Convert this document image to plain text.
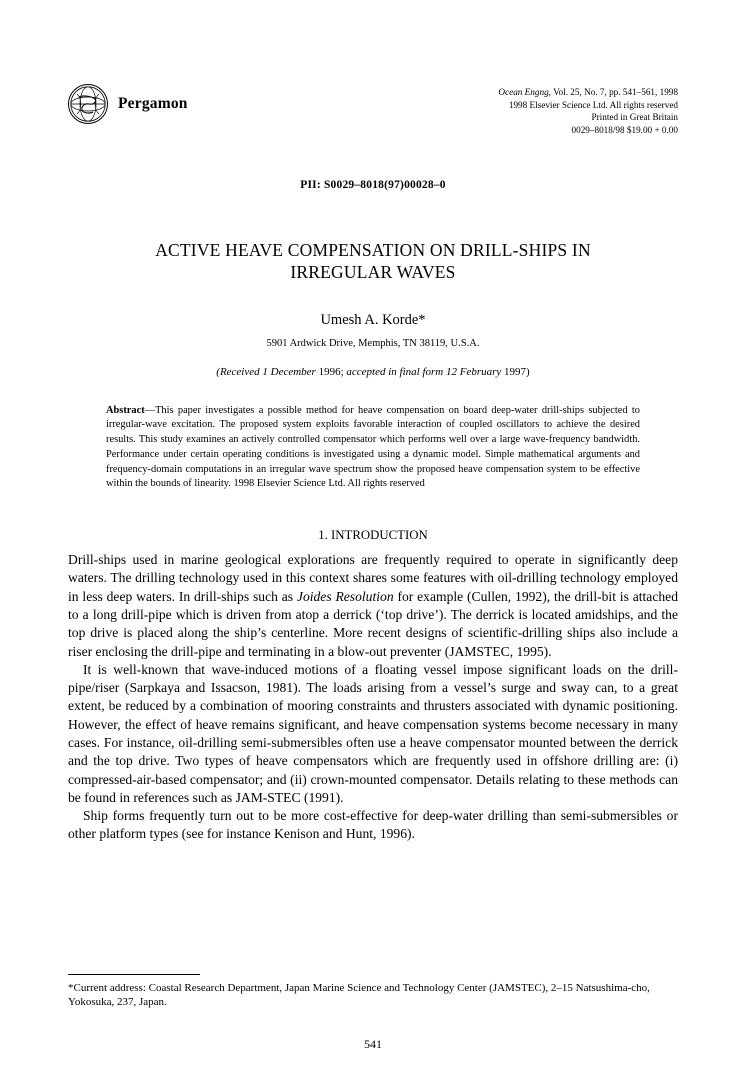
Pergamon
Ocean Engng, Vol. 25, No. 7, pp. 541–561, 1998
1998 Elsevier Science Ltd. All rights reserved
Printed in Great Britain
0029–8018/98 $19.00 + 0.00
PII: S0029–8018(97)00028–0
ACTIVE HEAVE COMPENSATION ON DRILL-SHIPS IN
IRREGULAR WAVES
Umesh A. Korde*
5901 Ardwick Drive, Memphis, TN 38119, U.S.A.
(Received 1 December 1996; accepted in final form 12 February 1997)
Abstract—This paper investigates a possible method for heave compensation on board deep-water drill-ships subjected to irregular-wave excitation. The proposed system exploits favorable interaction of coupled oscillators to achieve the desired results. This study examines an actively controlled compensator which performs well over a large wave-frequency bandwidth. Performance under certain operating conditions is investigated using a dynamic model. Simple mathematical arguments and frequency-domain computations in an irregular wave spectrum show the proposed heave compensation system to be effective within the bounds of linearity. 1998 Elsevier Science Ltd. All rights reserved
1. INTRODUCTION

Drill-ships used in marine geological explorations are frequently required to operate in significantly deep waters. The drilling technology used in this context shares some features with oil-drilling technology employed in less deep waters. In drill-ships such as Joides Resolution for example (Cullen, 1992), the drill-bit is attached to a long drill-pipe which is driven from atop a derrick (‘top drive’). The derrick is located amidships, and the top drive is placed along the ship’s centerline. More recent designs of scientific-drilling ships also include a riser enclosing the drill-pipe and terminating in a blow-out preventer (JAMSTEC, 1995).

It is well-known that wave-induced motions of a floating vessel impose significant loads on the drill-pipe/riser (Sarpkaya and Issacson, 1981). The loads arising from a vessel’s surge and sway can, to a great extent, be reduced by a combination of mooring constraints and thrusters associated with dynamic positioning. However, the effect of heave remains significant, and heave compensation systems become necessary in many cases. For instance, oil-drilling semi-submersibles often use a heave compensator mounted between the derrick and the top drive. Two types of heave compensators which are frequently used in offshore drilling are: (i) compressed-air-based compensator; and (ii) crown-mounted compensator. Details relating to these methods can be found in references such as JAM-STEC (1991).

Ship forms frequently turn out to be more cost-effective for deep-water drilling than semi-submersibles or other platform types (see for instance Kenison and Hunt, 1996).

*Current address: Coastal Research Department, Japan Marine Science and Technology Center (JAMSTEC), 2–15 Natsushima-cho, Yokosuka, 237, Japan.
541
